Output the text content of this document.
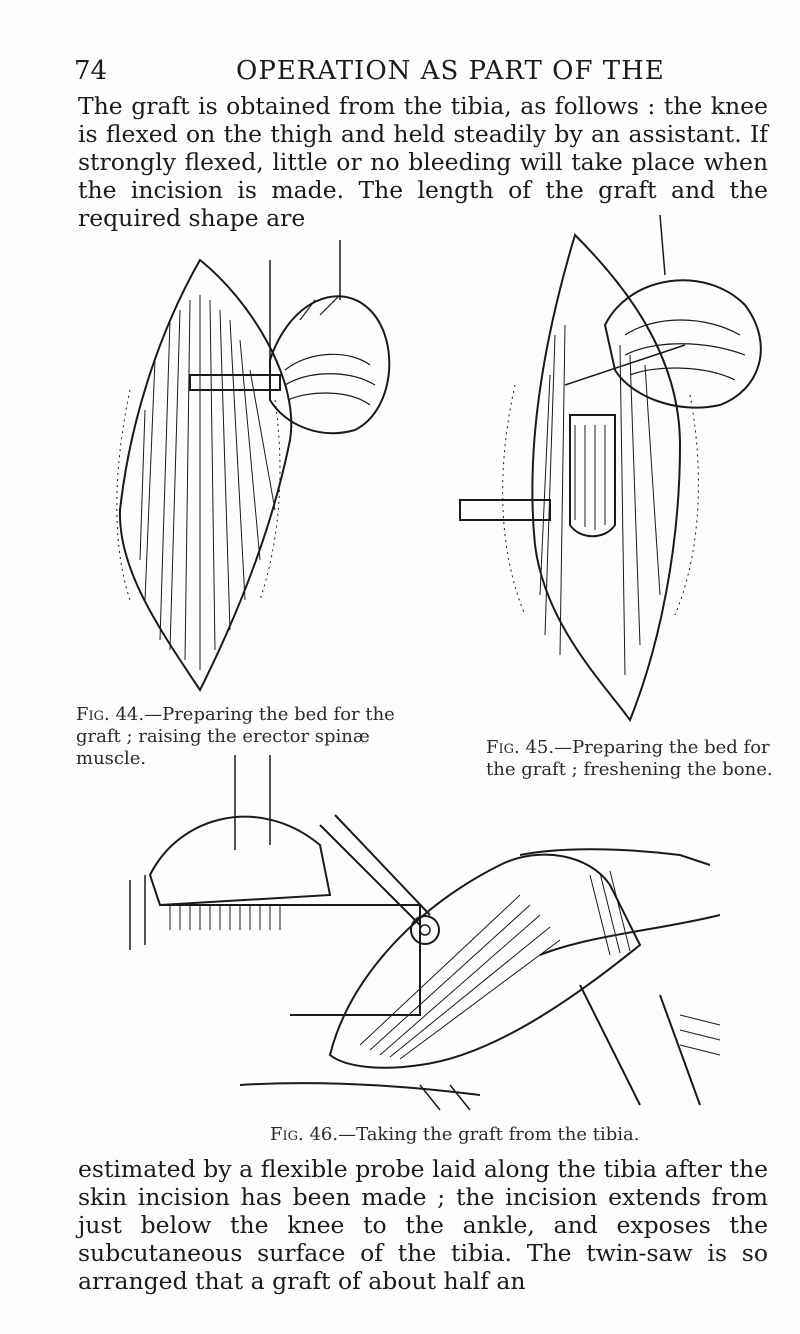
74	OPERATION AS PART OF THE

The graft is obtained from the tibia, as follows : the knee is flexed on the thigh and held steadily by an assistant. If strongly flexed, little or no bleeding will take place when the incision is made. The length of the graft and the required shape are

Fig. 44.—Preparing the bed for the graft ; raising the erector spinæ muscle.

Fig. 45.—Preparing the bed for the graft ; freshening the bone.

Fig. 46.—Taking the graft from the tibia.

estimated by a flexible probe laid along the tibia after the skin incision has been made ; the incision extends from just below the knee to the ankle, and exposes the subcutaneous surface of the tibia. The twin-saw is so arranged that a graft of about half an
